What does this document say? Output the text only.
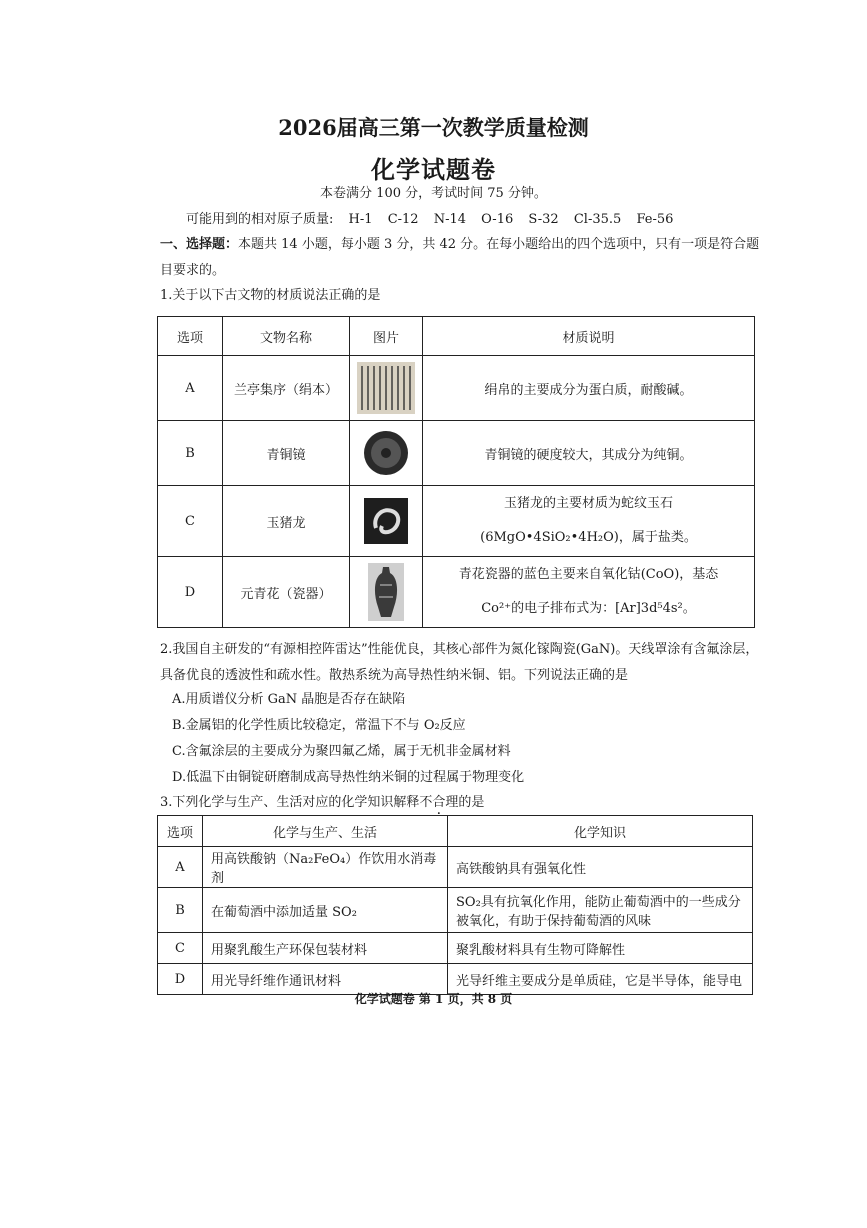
2026届高三第一次教学质量检测
化学试题卷
本卷满分 100 分，考试时间 75 分钟。
可能用到的相对原子质量: H-1 C-12 N-14 O-16 S-32 Cl-35.5 Fe-56
一、选择题：本题共 14 小题，每小题 3 分，共 42 分。在每小题给出的四个选项中，只有一项是符合题目要求的。
1.关于以下古文物的材质说法正确的是
选项	文物名称	图片	材质说明
A	兰亭集序（绢本）		绢帛的主要成分为蛋白质，耐酸碱。
B	青铜镜		青铜镜的硬度较大，其成分为纯铜。
C	玉猪龙		玉猪龙的主要材质为蛇纹玉石
(6MgO•4SiO₂•4H₂O)，属于盐类。

D	元青花（瓷器）		青花瓷器的蓝色主要来自氧化钴(CoO)，基态
Co²⁺的电子排布式为：[Ar]3d⁵4s²。
2.我国自主研发的“有源相控阵雷达”性能优良，其核心部件为氮化镓陶瓷(GaN)。天线罩涂有含氟涂层，具备优良的透波性和疏水性。散热系统为高导热性纳米铜、铝。下列说法正确的是
A.用质谱仪分析 GaN 晶胞是否存在缺陷
B.金属铝的化学性质比较稳定，常温下不与 O₂反应
C.含氟涂层的主要成分为聚四氟乙烯，属于无机非金属材料
D.低温下由铜锭研磨制成高导热性纳米铜的过程属于物理变化
3.下列化学与生产、生活对应的化学知识解释不合理的是
选项	化学与生产、生活	化学知识
A	用高铁酸钠（Na₂FeO₄）作饮用水消毒剂	高铁酸钠具有强氧化性
B	在葡萄酒中添加适量 SO₂	SO₂具有抗氧化作用，能防止葡萄酒中的一些成分被氧化，有助于保持葡萄酒的风味
C	用聚乳酸生产环保包装材料	聚乳酸材料具有生物可降解性
D	用光导纤维作通讯材料	光导纤维主要成分是单质硅，它是半导体，能导电
化学试题卷 第 1 页，共 8 页
